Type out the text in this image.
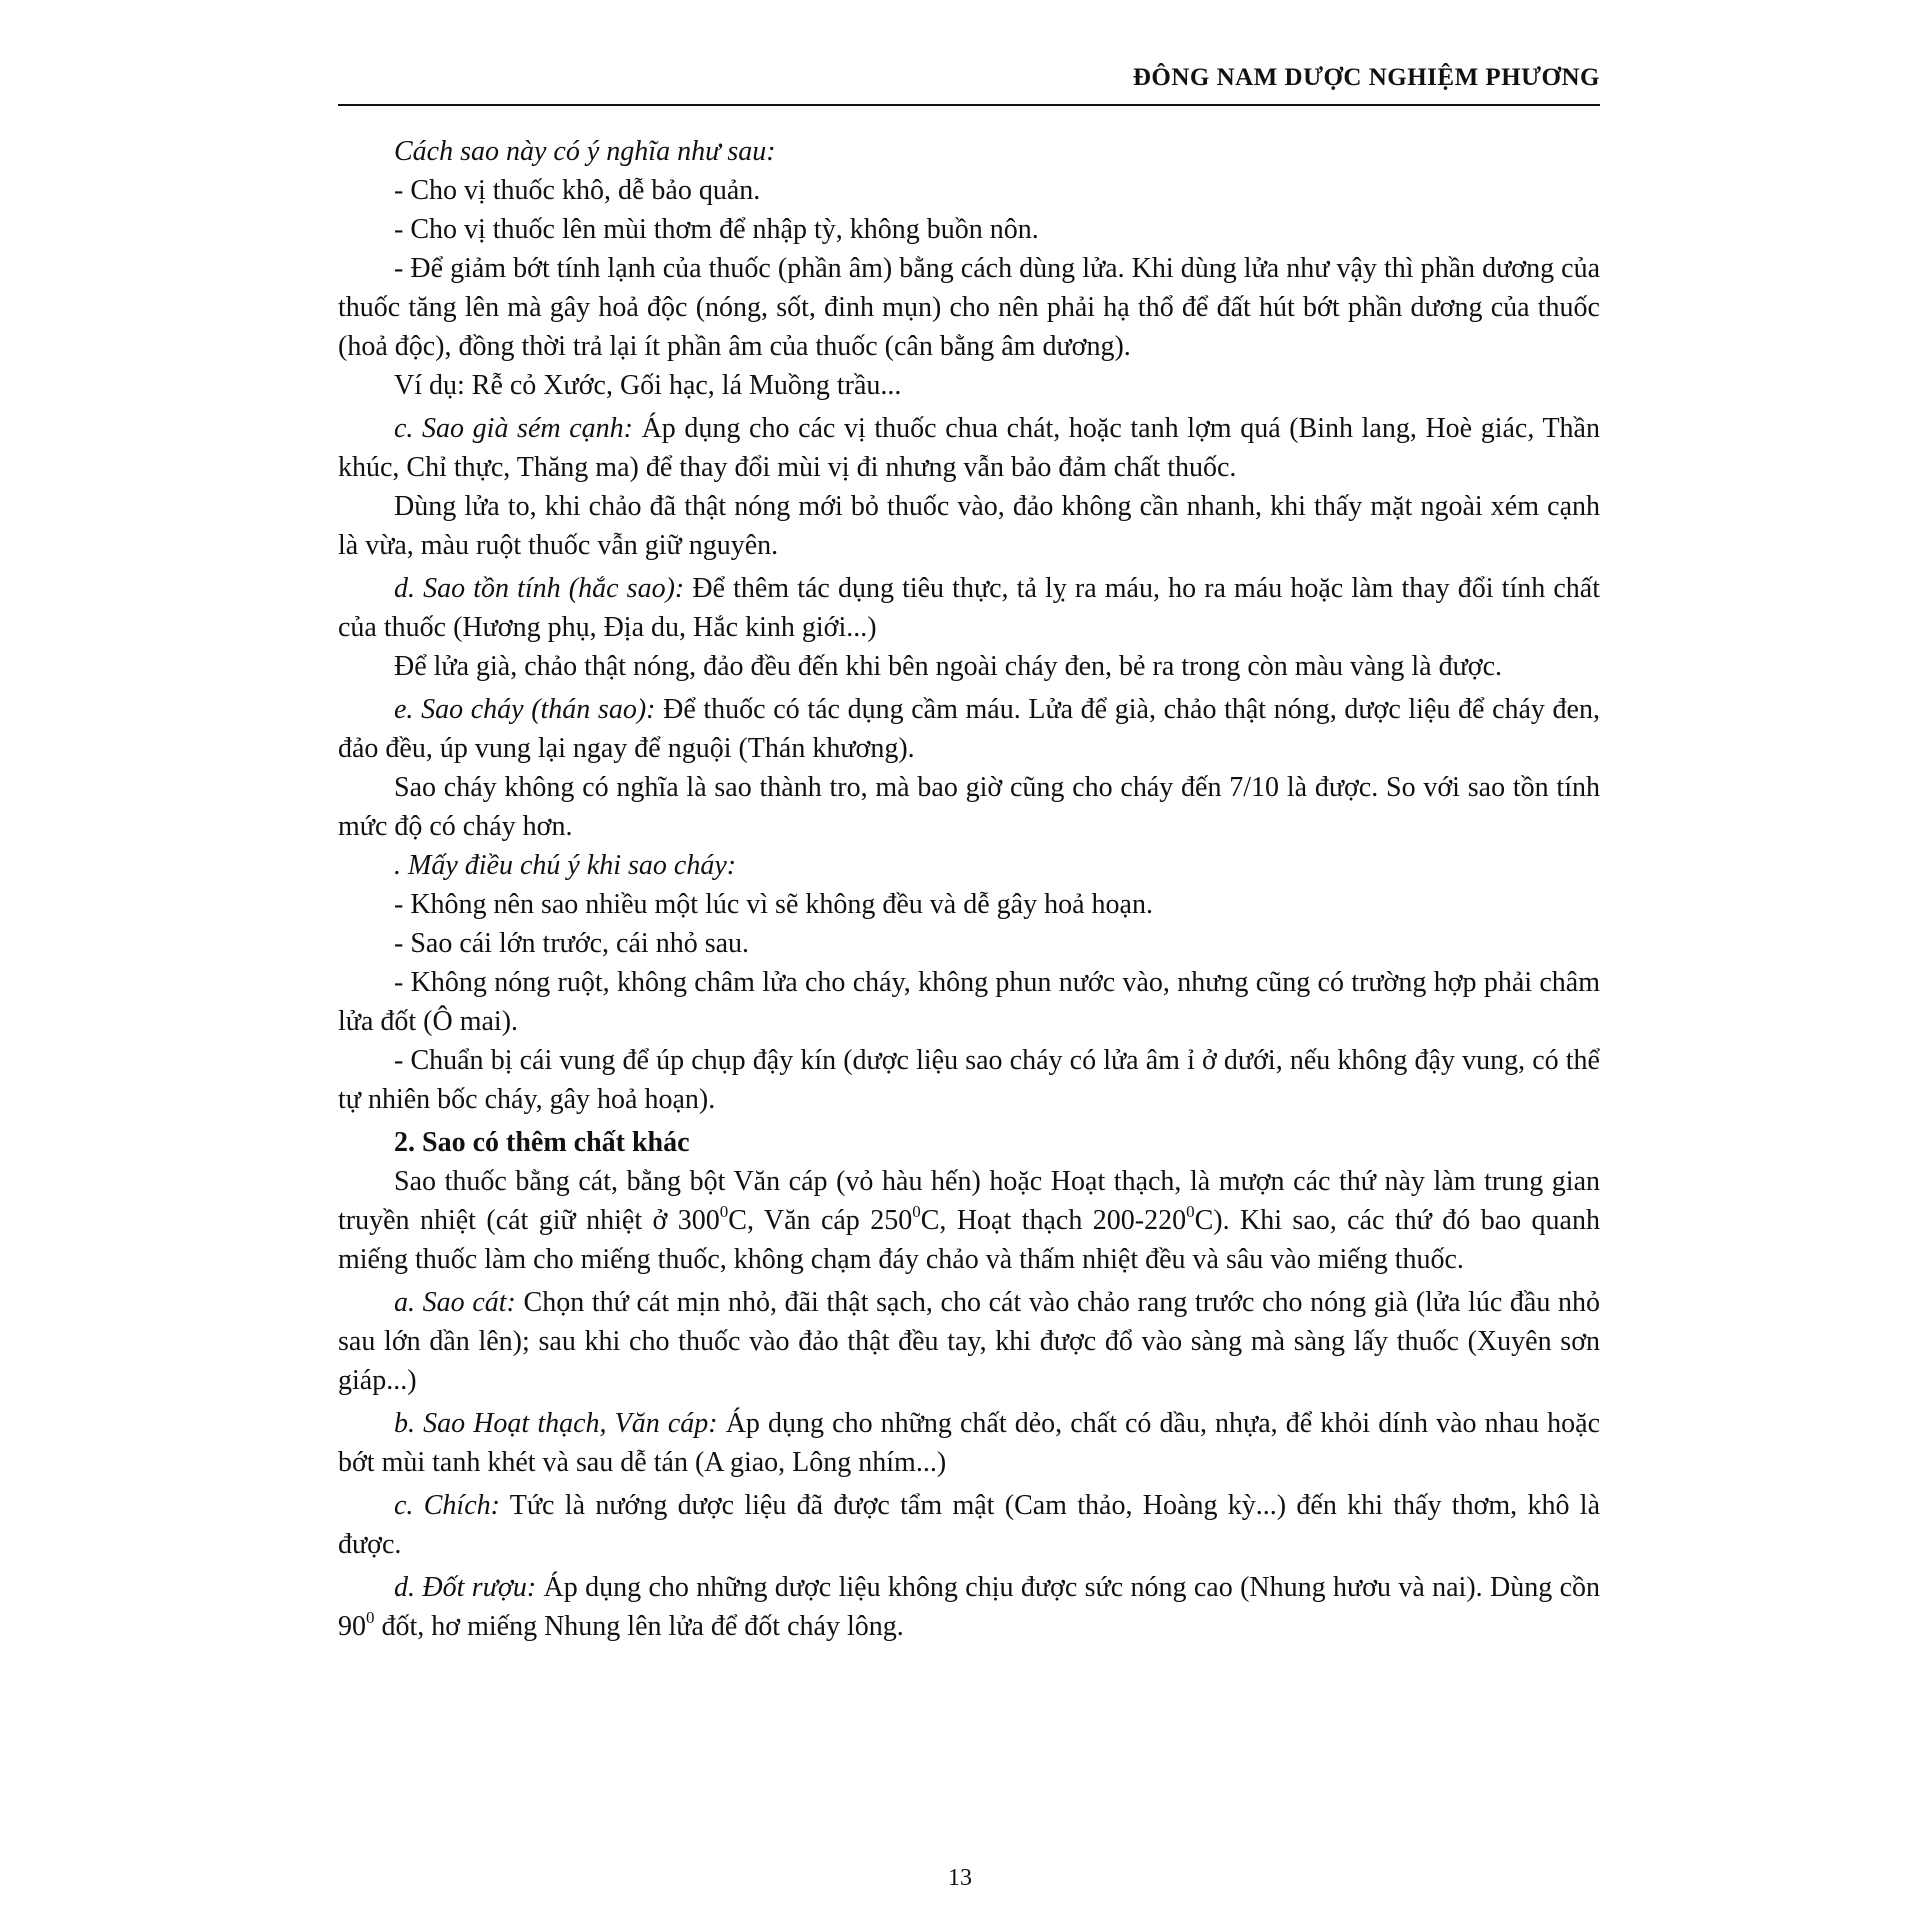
ĐÔNG NAM DƯỢC NGHIỆM PHƯƠNG

Cách sao này có ý nghĩa như sau:

- Cho vị thuốc khô, dễ bảo quản.

- Cho vị thuốc lên mùi thơm để nhập tỳ, không buồn nôn.

- Để giảm bớt tính lạnh của thuốc (phần âm) bằng cách dùng lửa. Khi dùng lửa như vậy thì phần dương của thuốc tăng lên mà gây hoả độc (nóng, sốt, đinh mụn) cho nên phải hạ thổ để đất hút bớt phần dương của thuốc (hoả độc), đồng thời trả lại ít phần âm của thuốc (cân bằng âm dương).

Ví dụ: Rễ cỏ Xước, Gối hạc, lá Muồng trầu...

c. Sao già sém cạnh: Áp dụng cho các vị thuốc chua chát, hoặc tanh lợm quá (Binh lang, Hoè giác, Thần khúc, Chỉ thực, Thăng ma) để thay đổi mùi vị đi nhưng vẫn bảo đảm chất thuốc.

Dùng lửa to, khi chảo đã thật nóng mới bỏ thuốc vào, đảo không cần nhanh, khi thấy mặt ngoài xém cạnh là vừa, màu ruột thuốc vẫn giữ nguyên.

d. Sao tồn tính (hắc sao): Để thêm tác dụng tiêu thực, tả lỵ ra máu, ho ra máu hoặc làm thay đổi tính chất của thuốc (Hương phụ, Địa du, Hắc kinh giới...)

Để lửa già, chảo thật nóng, đảo đều đến khi bên ngoài cháy đen, bẻ ra trong còn màu vàng là được.

e. Sao cháy (thán sao): Để thuốc có tác dụng cầm máu. Lửa để già, chảo thật nóng, dược liệu để cháy đen, đảo đều, úp vung lại ngay để nguội (Thán khương).

Sao cháy không có nghĩa là sao thành tro, mà bao giờ cũng cho cháy đến 7/10 là được. So với sao tồn tính mức độ có cháy hơn.

. Mấy điều chú ý khi sao cháy:

- Không nên sao nhiều một lúc vì sẽ không đều và dễ gây hoả hoạn.

- Sao cái lớn trước, cái nhỏ sau.

- Không nóng ruột, không châm lửa cho cháy, không phun nước vào, nhưng cũng có trường hợp phải châm lửa đốt (Ô mai).

- Chuẩn bị cái vung để úp chụp đậy kín (dược liệu sao cháy có lửa âm ỉ ở dưới, nếu không đậy vung, có thể tự nhiên bốc cháy, gây hoả hoạn).

2. Sao có thêm chất khác

Sao thuốc bằng cát, bằng bột Văn cáp (vỏ hàu hến) hoặc Hoạt thạch, là mượn các thứ này làm trung gian truyền nhiệt (cát giữ nhiệt ở $300^0C$, Văn cáp $250^0C$, Hoạt thạch $200-220^0C$). Khi sao, các thứ đó bao quanh miếng thuốc làm cho miếng thuốc, không chạm đáy chảo và thấm nhiệt đều và sâu vào miếng thuốc.

a. Sao cát: Chọn thứ cát mịn nhỏ, đãi thật sạch, cho cát vào chảo rang trước cho nóng già (lửa lúc đầu nhỏ sau lớn dần lên); sau khi cho thuốc vào đảo thật đều tay, khi được đổ vào sàng mà sàng lấy thuốc (Xuyên sơn giáp...)

b. Sao Hoạt thạch, Văn cáp: Áp dụng cho những chất dẻo, chất có dầu, nhựa, để khỏi dính vào nhau hoặc bớt mùi tanh khét và sau dễ tán (A giao, Lông nhím...)

c. Chích: Tức là nướng dược liệu đã được tẩm mật (Cam thảo, Hoàng kỳ...) đến khi thấy thơm, khô là được.

d. Đốt rượu: Áp dụng cho những dược liệu không chịu được sức nóng cao (Nhung hươu và nai). Dùng cồn $90^0$ đốt, hơ miếng Nhung lên lửa để đốt cháy lông.

13
